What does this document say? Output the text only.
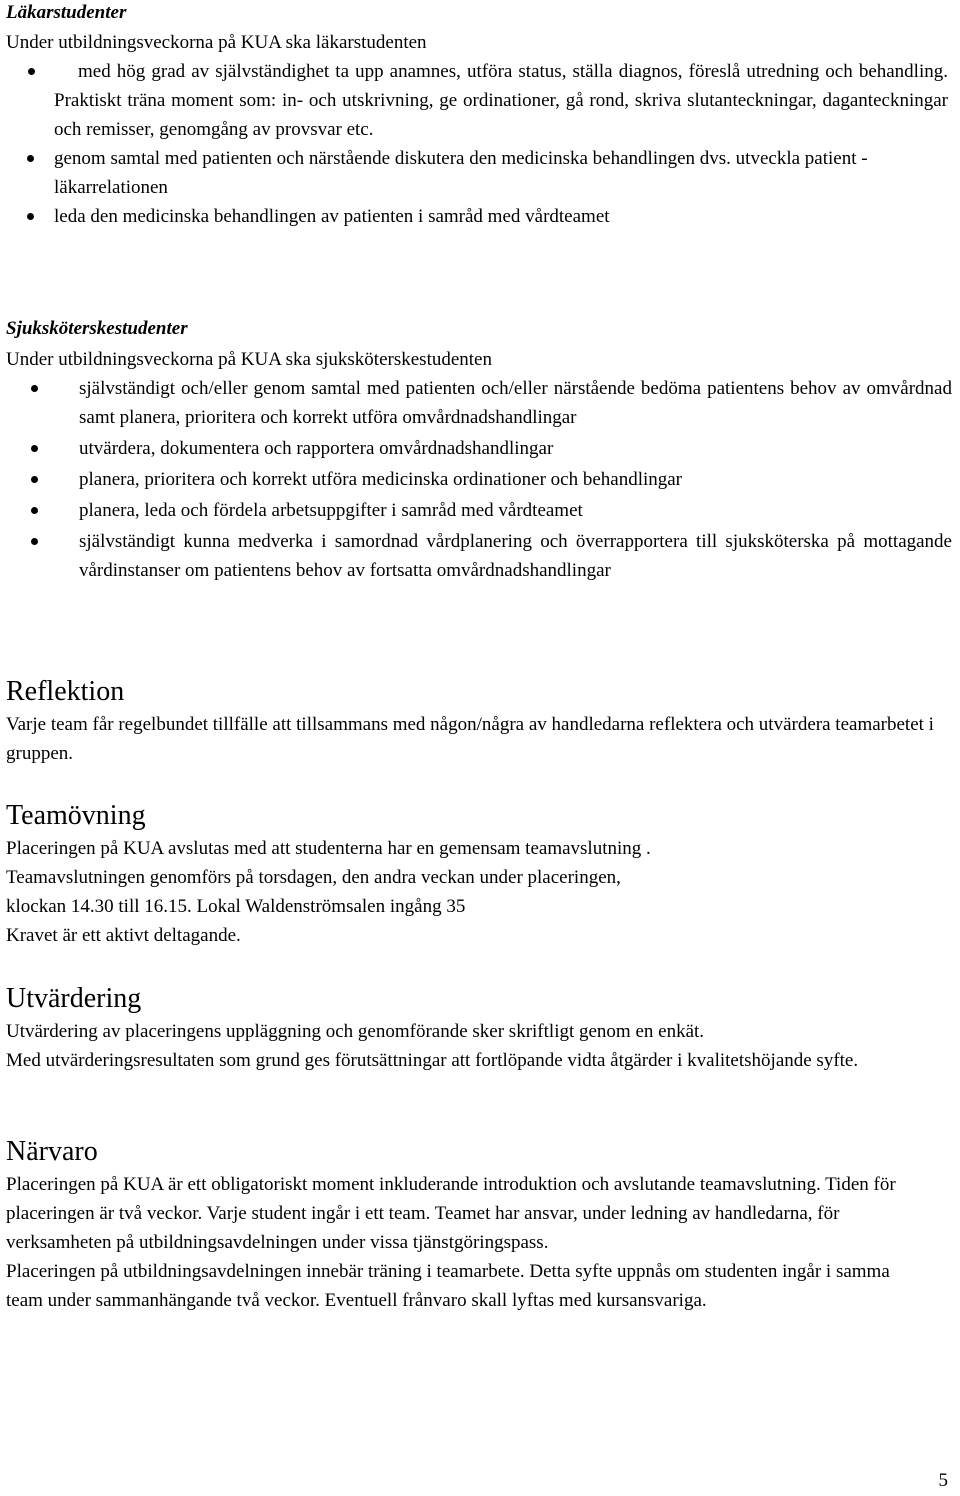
Läkarstudenter
Under utbildningsveckorna på KUA ska läkarstudenten
med hög grad av självständighet ta upp anamnes, utföra status, ställa diagnos, föreslå utredning och behandling. Praktiskt träna moment som: in- och utskrivning, ge ordinationer, gå rond, skriva slutanteckningar, daganteckningar och remisser, genomgång av provsvar etc.
genom samtal med patienten och närstående diskutera den medicinska behandlingen dvs. utveckla patient - läkarrelationen
leda den medicinska behandlingen av patienten i samråd med vårdteamet
Sjuksköterskestudenter
Under utbildningsveckorna på KUA ska sjuksköterskestudenten
självständigt och/eller genom samtal med patienten och/eller närstående bedöma patientens behov av omvårdnad samt planera, prioritera och korrekt utföra omvårdnadshandlingar
utvärdera, dokumentera och rapportera omvårdnadshandlingar
planera, prioritera och korrekt utföra medicinska ordinationer och behandlingar
planera, leda och fördela arbetsuppgifter i samråd med vårdteamet
självständigt kunna medverka i samordnad vårdplanering och överrapportera till sjuksköterska på mottagande vårdinstanser om patientens behov av fortsatta omvårdnadshandlingar
Reflektion

Varje team får regelbundet tillfälle att tillsammans med någon/några av handledarna reflektera och utvärdera teamarbetet i gruppen.

Teamövning
Placeringen på KUA avslutas med att studenterna har en gemensam teamavslutning .
Teamavslutningen genomförs på torsdagen, den andra veckan under placeringen,
klockan 14.30 till 16.15. Lokal Waldenströmsalen ingång 35
Kravet är ett aktivt deltagande.
Utvärdering
Utvärdering av placeringens uppläggning och genomförande sker skriftligt genom en enkät.

Med utvärderingsresultaten som grund ges förutsättningar att fortlöpande vidta åtgärder i kvalitetshöjande syfte.

Närvaro

Placeringen på KUA är ett obligatoriskt moment inkluderande introduktion och avslutande teamavslutning. Tiden för placeringen är två veckor. Varje student ingår i ett team. Teamet har ansvar, under ledning av handledarna, för verksamheten på utbildningsavdelningen under vissa tjänstgöringspass.

Placeringen på utbildningsavdelningen innebär träning i teamarbete. Detta syfte uppnås om studenten ingår i samma team under sammanhängande två veckor. Eventuell frånvaro skall lyftas med kursansvariga.

5
